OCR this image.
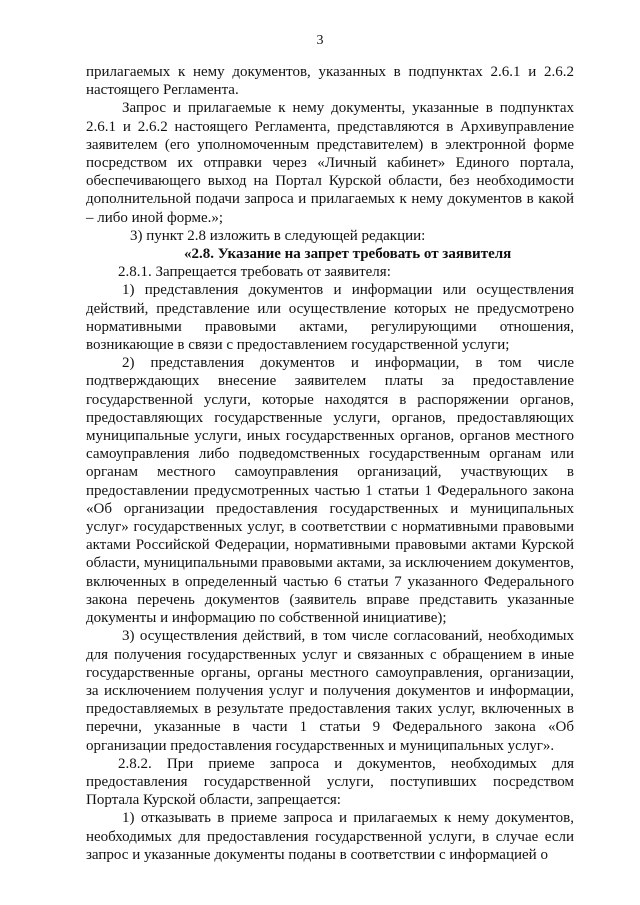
3

прилагаемых к нему документов, указанных в подпунктах 2.6.1 и 2.6.2 настоящего Регламента.

Запрос и прилагаемые к нему документы, указанные в подпунктах 2.6.1 и 2.6.2 настоящего Регламента, представляются в Архивуправление заявителем (его уполномоченным представителем) в электронной форме посредством их отправки через «Личный кабинет» Единого портала, обеспечивающего выход на Портал Курской области, без необходимости дополнительной подачи запроса и прилагаемых к нему документов в какой – либо иной форме.»;

3) пункт 2.8 изложить в следующей редакции:

«2.8. Указание на запрет требовать от заявителя

2.8.1. Запрещается требовать от заявителя:

1) представления документов и информации или осуществления действий, представление или осуществление которых не предусмотрено нормативными правовыми актами, регулирующими отношения, возникающие в связи с предоставлением государственной услуги;

2) представления документов и информации, в том числе подтверждающих внесение заявителем платы за предоставление государственной услуги, которые находятся в распоряжении органов, предоставляющих государственные услуги, органов, предоставляющих муниципальные услуги, иных государственных органов, органов местного самоуправления либо подведомственных государственным органам или органам местного самоуправления организаций, участвующих в предоставлении предусмотренных частью 1 статьи 1 Федерального закона «Об организации предоставления государственных и муниципальных услуг» государственных услуг, в соответствии с нормативными правовыми актами Российской Федерации, нормативными правовыми актами Курской области, муниципальными правовыми актами, за исключением документов, включенных в определенный частью 6 статьи 7 указанного Федерального закона перечень документов (заявитель вправе представить указанные документы и информацию по собственной инициативе);

3) осуществления действий, в том числе согласований, необходимых для получения государственных услуг и связанных с обращением в иные государственные органы, органы местного самоуправления, организации, за исключением получения услуг и получения документов и информации, предоставляемых в результате предоставления таких услуг, включенных в перечни, указанные в части 1 статьи 9 Федерального закона «Об организации предоставления государственных и муниципальных услуг».

2.8.2. При приеме запроса и документов, необходимых для предоставления государственной услуги, поступивших посредством Портала Курской области, запрещается:

1) отказывать в приеме запроса и прилагаемых к нему документов, необходимых для предоставления государственной услуги, в случае если запрос и указанные документы поданы в соответствии с информацией о
